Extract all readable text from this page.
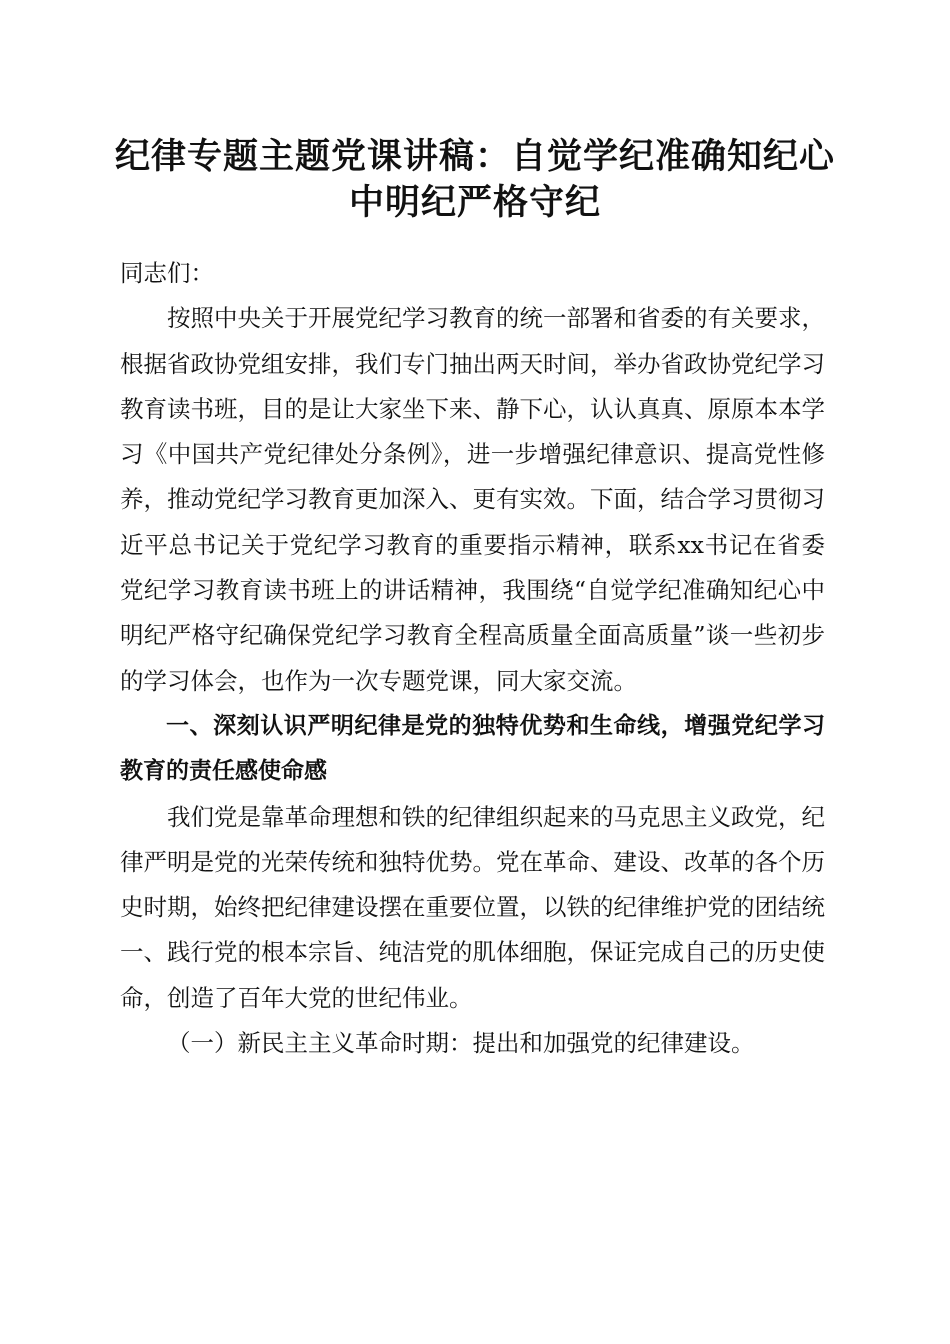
纪律专题主题党课讲稿：自觉学纪准确知纪心中明纪严格守纪

同志们：

按照中央关于开展党纪学习教育的统一部署和省委的有关要求，根据省政协党组安排，我们专门抽出两天时间，举办省政协党纪学习教育读书班，目的是让大家坐下来、静下心，认认真真、原原本本学习《中国共产党纪律处分条例》，进一步增强纪律意识、提高党性修养，推动党纪学习教育更加深入、更有实效。下面，结合学习贯彻习近平总书记关于党纪学习教育的重要指示精神，联系xx书记在省委党纪学习教育读书班上的讲话精神，我围绕“自觉学纪准确知纪心中明纪严格守纪确保党纪学习教育全程高质量全面高质量”谈一些初步的学习体会，也作为一次专题党课，同大家交流。

一、深刻认识严明纪律是党的独特优势和生命线，增强党纪学习教育的责任感使命感

我们党是靠革命理想和铁的纪律组织起来的马克思主义政党，纪律严明是党的光荣传统和独特优势。党在革命、建设、改革的各个历史时期，始终把纪律建设摆在重要位置，以铁的纪律维护党的团结统一、践行党的根本宗旨、纯洁党的肌体细胞，保证完成自己的历史使命，创造了百年大党的世纪伟业。

（一）新民主主义革命时期：提出和加强党的纪律建设。
